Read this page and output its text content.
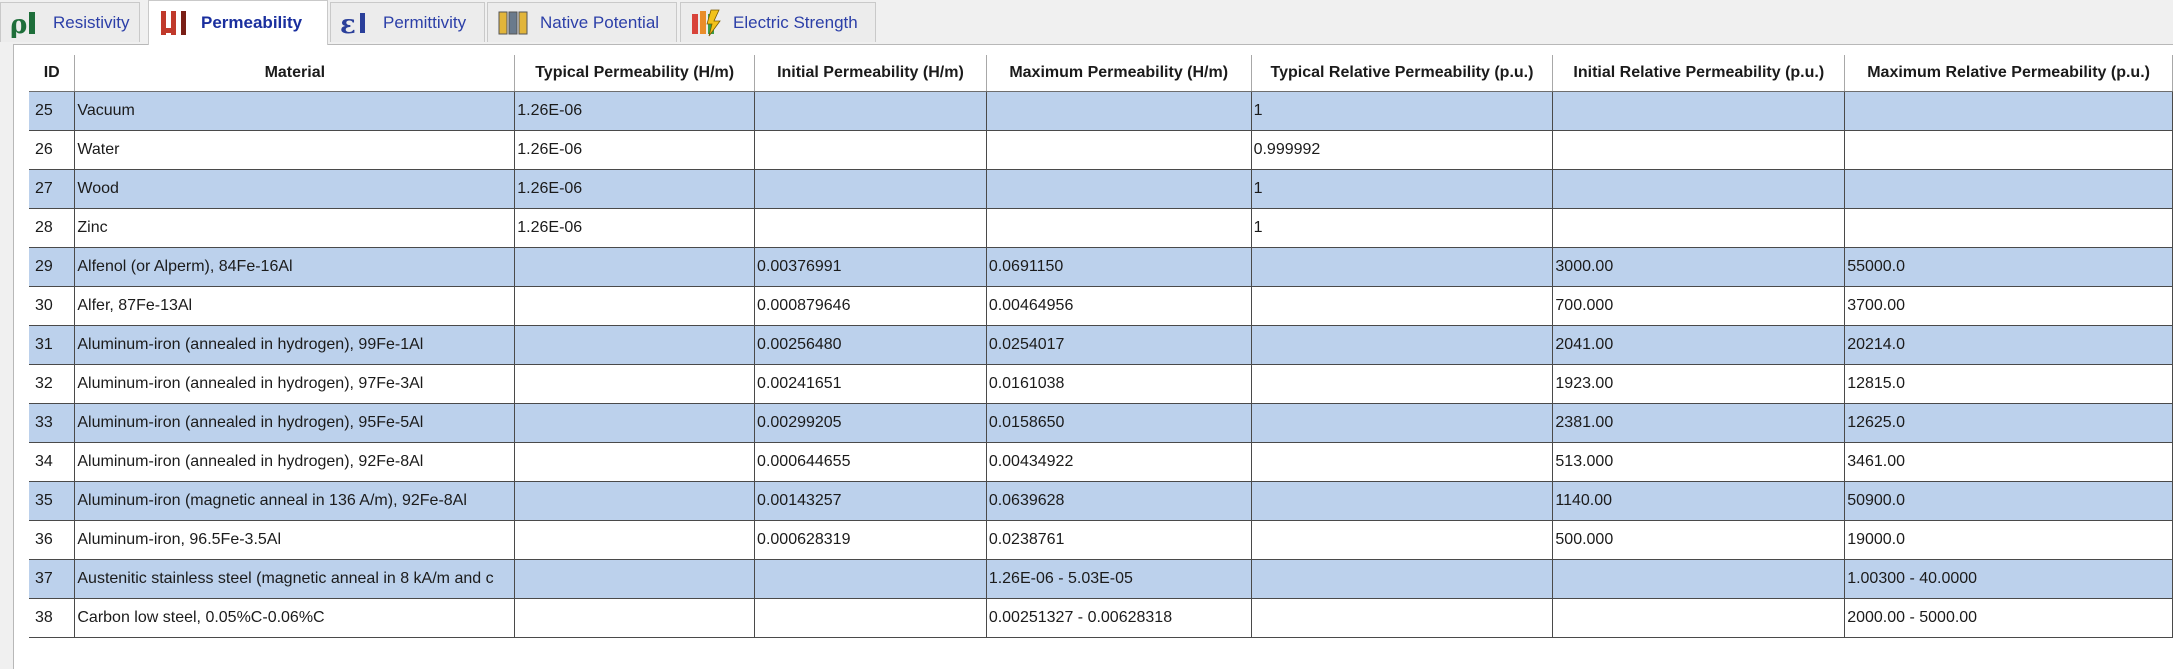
ρ Resistivity	Permeability ε Permittivity	Native Potential	Electric Strength
ID	Material	Typical Permeability (H/m)	Initial Permeability (H/m)	Maximum Permeability (H/m)	Typical Relative Permeability (p.u.)	Initial Relative Permeability (p.u.)	Maximum Relative Permeability (p.u.)
25	Vacuum	1.26E-06			1		
26	Water	1.26E-06			0.999992		
27	Wood	1.26E-06			1		
28	Zinc	1.26E-06			1		
29	Alfenol (or Alperm), 84Fe-16Al		0.00376991	0.0691150		3000.00	55000.0
30	Alfer, 87Fe-13Al		0.000879646	0.00464956		700.000	3700.00
31	Aluminum-iron (annealed in hydrogen), 99Fe-1Al		0.00256480	0.0254017		2041.00	20214.0
32	Aluminum-iron (annealed in hydrogen), 97Fe-3Al		0.00241651	0.0161038		1923.00	12815.0
33	Aluminum-iron (annealed in hydrogen), 95Fe-5Al		0.00299205	0.0158650		2381.00	12625.0
34	Aluminum-iron (annealed in hydrogen), 92Fe-8Al		0.000644655	0.00434922		513.000	3461.00
35	Aluminum-iron (magnetic anneal in 136 A/m), 92Fe-8Al		0.00143257	0.0639628		1140.00	50900.0
36	Aluminum-iron, 96.5Fe-3.5Al		0.000628319	0.0238761		500.000	19000.0
37	Austenitic stainless steel (magnetic anneal in 8 kA/m and c			1.26E-06 - 5.03E-05			1.00300 - 40.0000
38	Carbon low steel, 0.05%C-0.06%C			0.00251327 - 0.00628318			2000.00 - 5000.00
